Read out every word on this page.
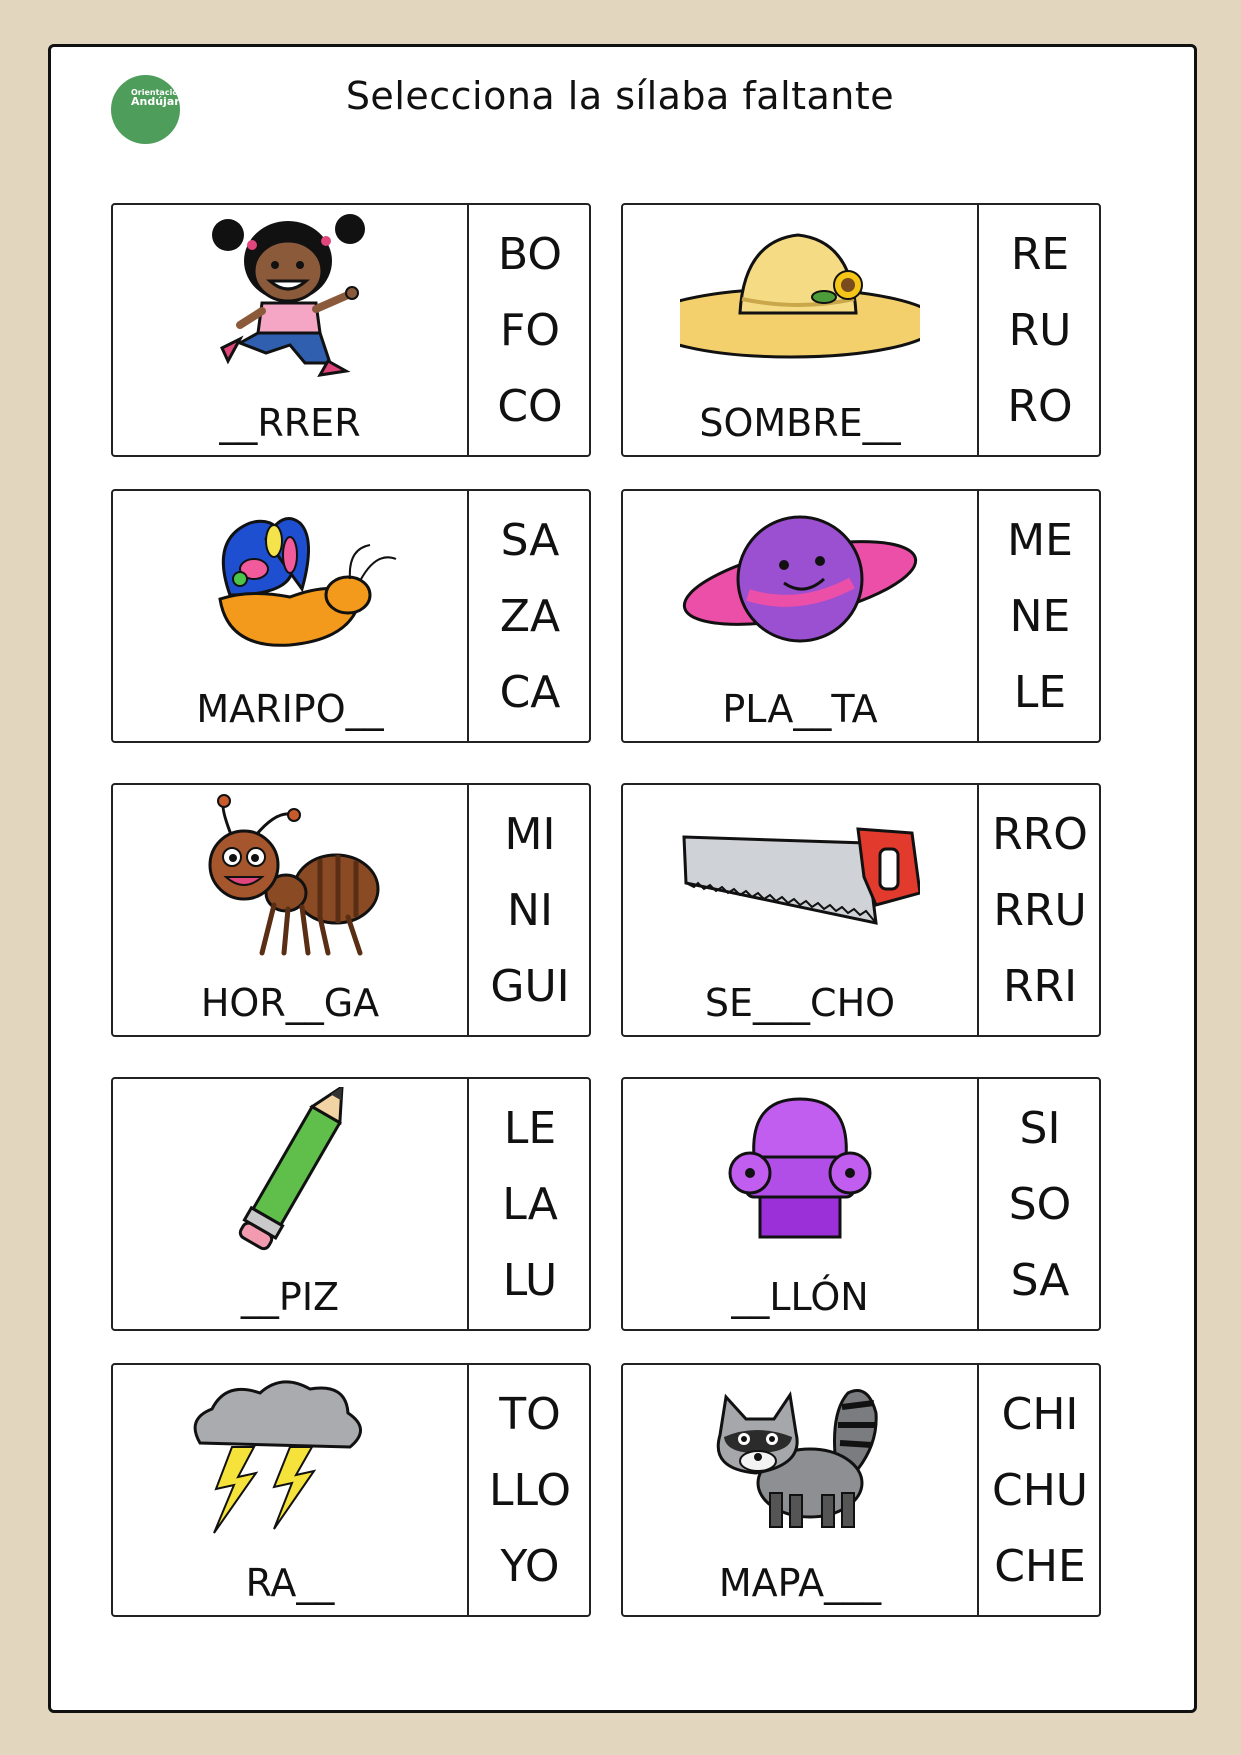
Orientación
Andújar	Selecciona la sílaba faltante
__RRER
BO
FO
CO	SOMBRE__
RE
RU
RO
MARIPO__
SA
ZA
CA	PLA__TA
ME
NE
LE
HOR__GA
MI
NI
GUI	SE___CHO
RRO
RRU
RRI
__PIZ
LE
LA
LU	__LLÓN
SI
SO
SA
RA__
TO
LLO
YO	MAPA___
CHI
CHU
CHE
